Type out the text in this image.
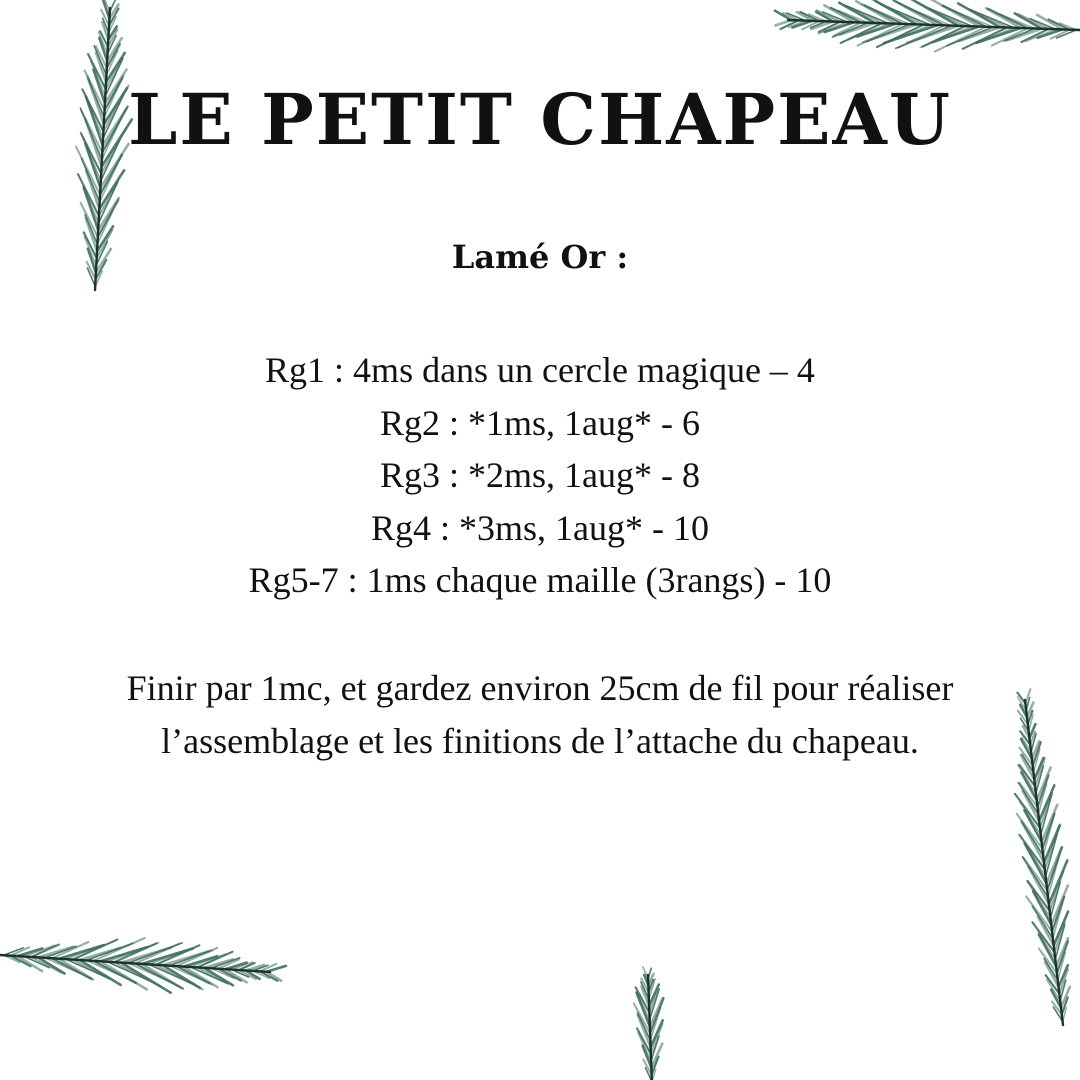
LE PETIT CHAPEAU
Lamé Or :
Rg1 : 4ms dans un cercle magique – 4
Rg2 : *1ms, 1aug* - 6
Rg3 : *2ms, 1aug* - 8
Rg4 : *3ms, 1aug* - 10
Rg5-7 : 1ms chaque maille (3rangs) - 10

Finir par 1mc, et gardez environ 25cm de fil pour réaliser l’assemblage et les finitions de l’attache du chapeau.
